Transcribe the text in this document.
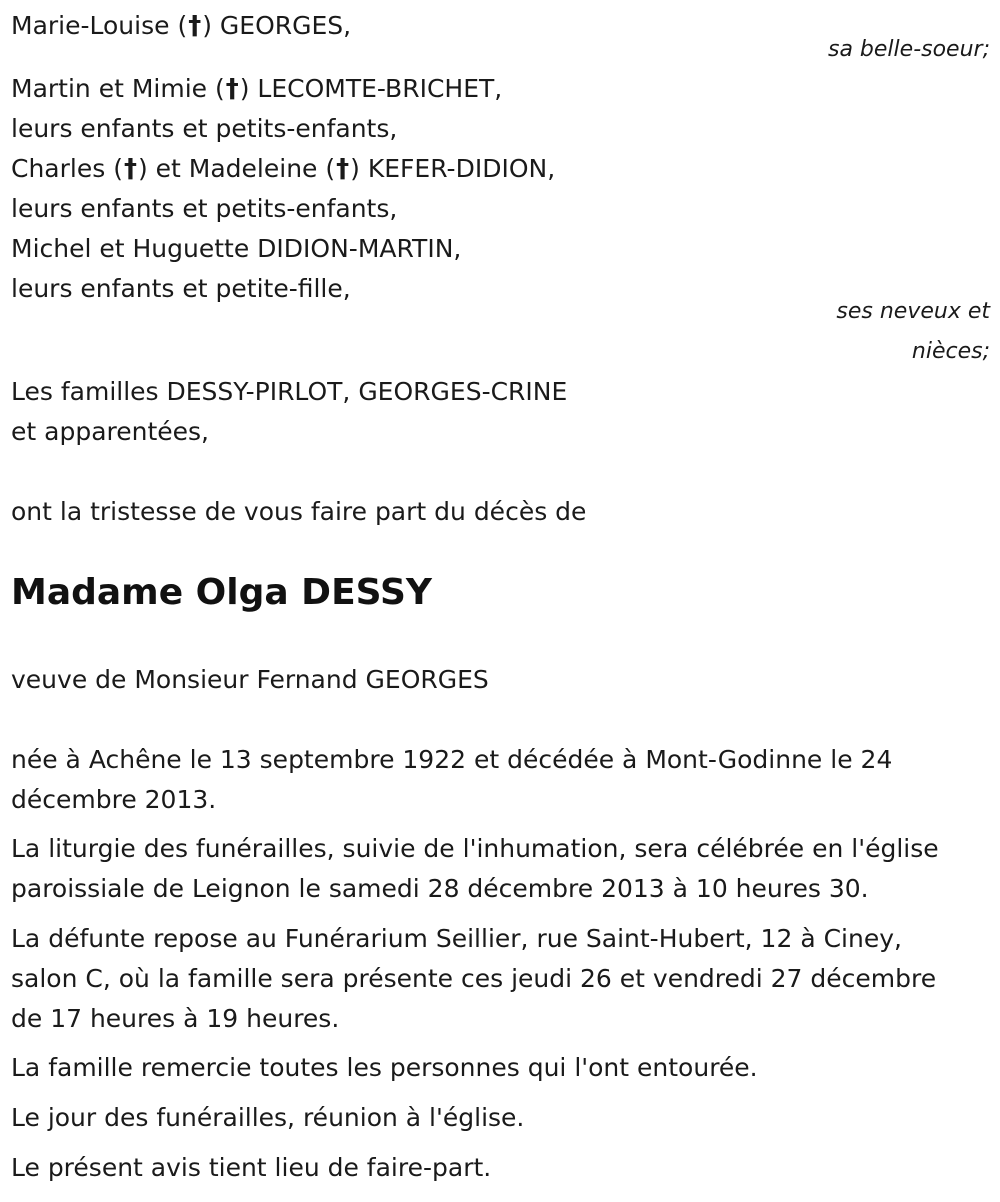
Marie-Louise (†) GEORGES,
sa belle-soeur;
Martin et Mimie (†) LECOMTE-BRICHET,
leurs enfants et petits-enfants,
Charles (†) et Madeleine (†) KEFER-DIDION,
leurs enfants et petits-enfants,
Michel et Huguette DIDION-MARTIN,
leurs enfants et petite-fille,
ses neveux et
nièces;
Les familles DESSY-PIRLOT, GEORGES-CRINE
et apparentées,
ont la tristesse de vous faire part du décès de
Madame Olga DESSY
veuve de Monsieur Fernand GEORGES
née à Achêne le 13 septembre 1922 et décédée à Mont-Godinne le 24
décembre 2013.
La liturgie des funérailles, suivie de l'inhumation, sera célébrée en l'église
paroissiale de Leignon le samedi 28 décembre 2013 à 10 heures 30.
La défunte repose au Funérarium Seillier, rue Saint-Hubert, 12 à Ciney,
salon C, où la famille sera présente ces jeudi 26 et vendredi 27 décembre
de 17 heures à 19 heures.
La famille remercie toutes les personnes qui l'ont entourée.
Le jour des funérailles, réunion à l'église.
Le présent avis tient lieu de faire-part.
